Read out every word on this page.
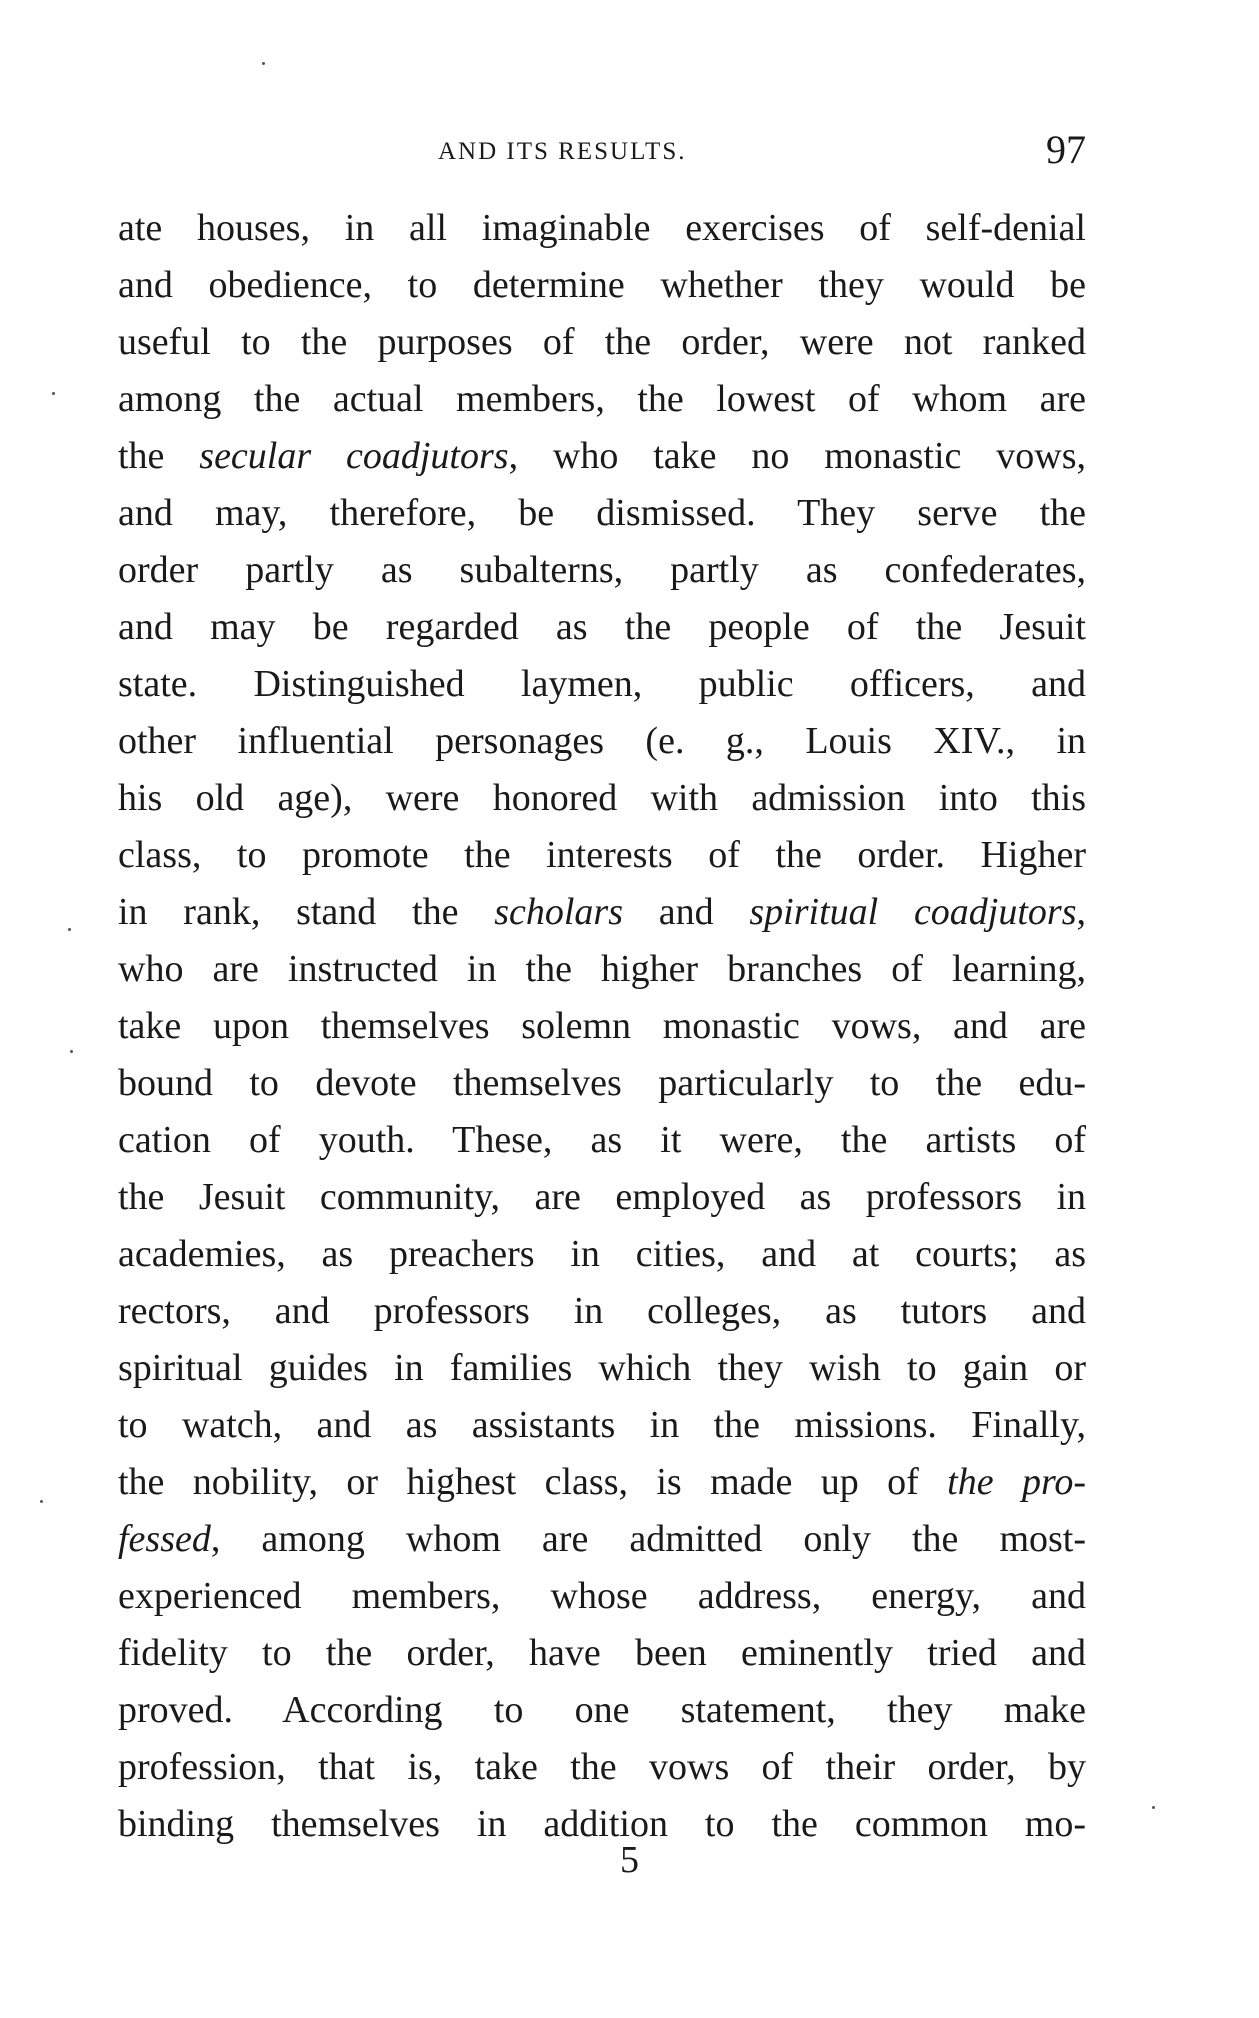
AND ITS RESULTS.	97
ate houses, in all imaginable exercises of self-denial
and obedience, to determine whether they would be
useful to the purposes of the order, were not ranked
among the actual members, the lowest of whom are
the secular coadjutors, who take no monastic vows,
and may, therefore, be dismissed. They serve the
order partly as subalterns, partly as confederates,
and may be regarded as the people of the Jesuit
state. Distinguished laymen, public officers, and
other influential personages (e. g., Louis XIV., in
his old age), were honored with admission into this
class, to promote the interests of the order. Higher
in rank, stand the scholars and spiritual coadjutors,
who are instructed in the higher branches of learning,
take upon themselves solemn monastic vows, and are
bound to devote themselves particularly to the edu-
cation of youth. These, as it were, the artists of
the Jesuit community, are employed as professors in
academies, as preachers in cities, and at courts; as
rectors, and professors in colleges, as tutors and
spiritual guides in families which they wish to gain or
to watch, and as assistants in the missions. Finally,
the nobility, or highest class, is made up of the pro-
fessed, among whom are admitted only the most-
experienced members, whose address, energy, and
fidelity to the order, have been eminently tried and
proved. According to one statement, they make
profession, that is, take the vows of their order, by
binding themselves in addition to the common mo-
5
